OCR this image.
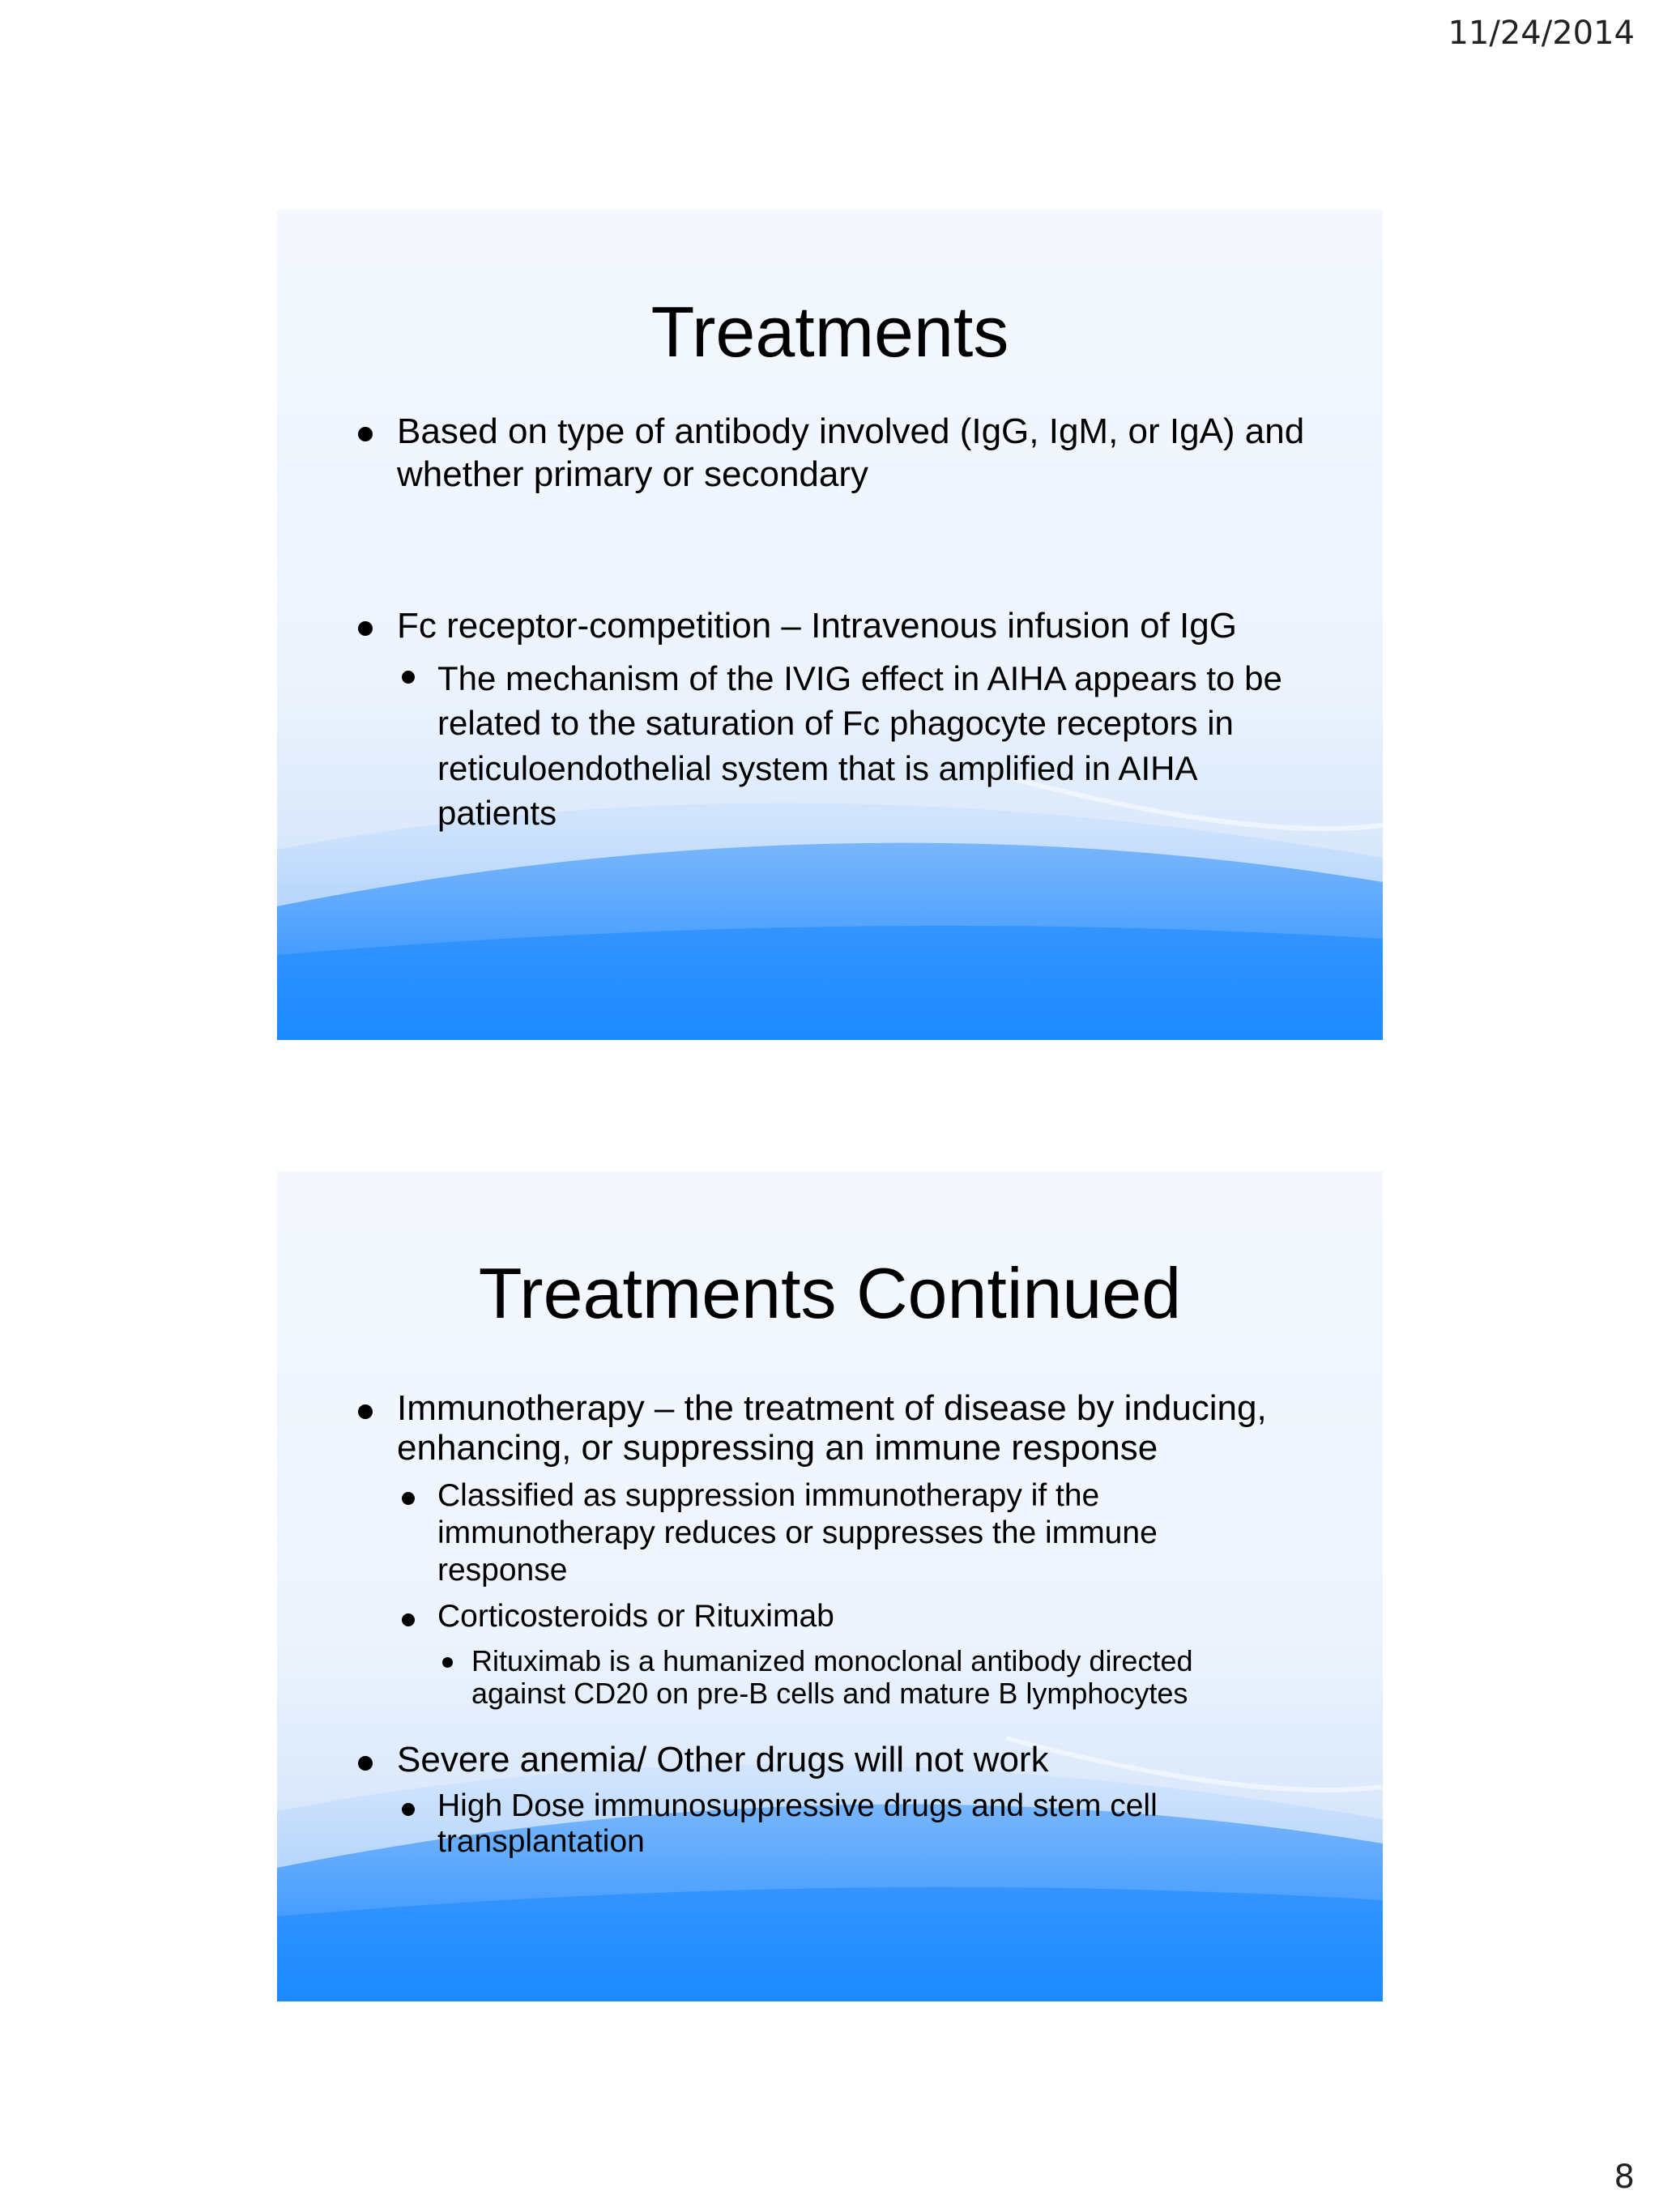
11/24/2014
Treatments
Based on type of antibody involved (IgG, IgM, or IgA) and whether primary or secondary
Fc receptor-competition – Intravenous infusion of IgG
The mechanism of the IVIG effect in AIHA appears to be related to the saturation of Fc phagocyte receptors in reticuloendothelial system that is amplified in AIHA patients
Treatments Continued
Immunotherapy – the treatment of disease by inducing, enhancing, or suppressing an immune response
Classified as suppression immunotherapy if the immunotherapy reduces or suppresses the immune response
Corticosteroids or Rituximab
Rituximab is a humanized monoclonal antibody directed against CD20 on pre-B cells and mature B lymphocytes
Severe anemia/ Other drugs will not work
High Dose immunosuppressive drugs and stem cell transplantation
8
